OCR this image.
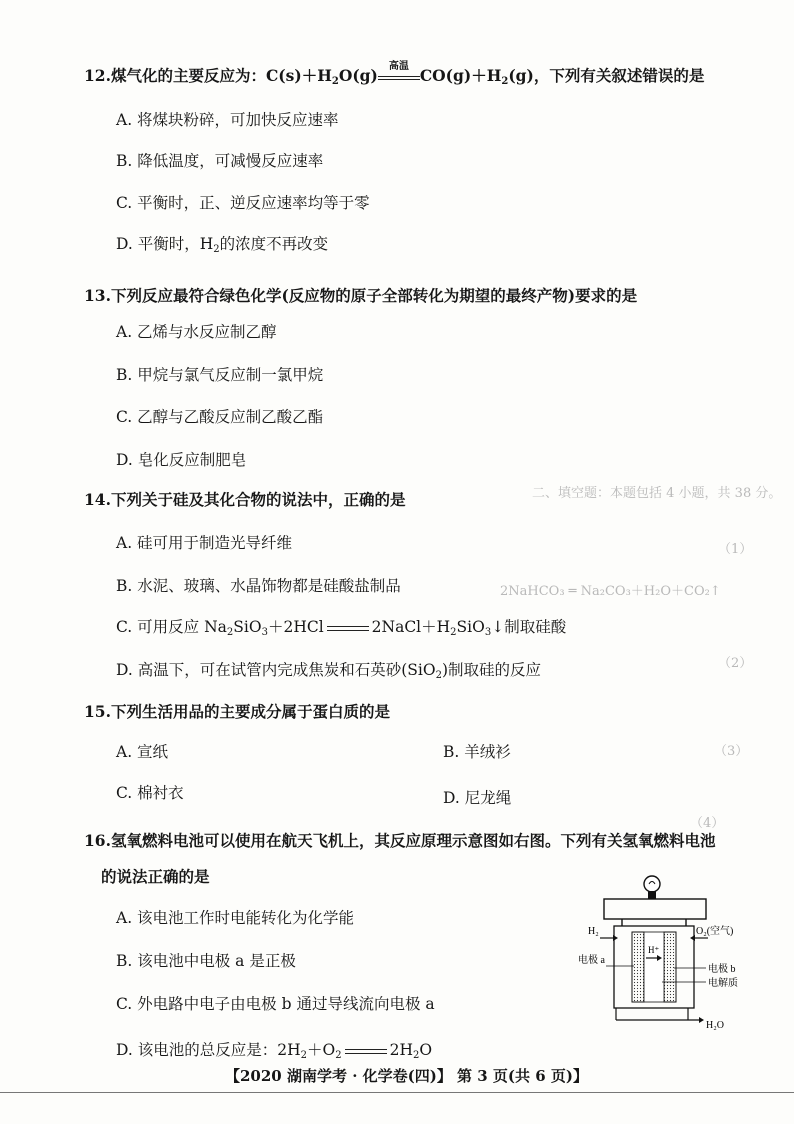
二、填空题：本题包括 4 小题，共 38 分。
（1）
2NaHCO₃ ═ Na₂CO₃＋H₂O＋CO₂↑
（2）
（3）
（4）
12.煤气化的主要反应为：$C(s)+H_2O(g)$	高温 $CO(g)+H_2(g)$，下列有关叙述错误的是
A. 将煤块粉碎，可加快反应速率
B. 降低温度，可减慢反应速率
C. 平衡时，正、逆反应速率均等于零
D. 平衡时，$H_2$的浓度不再改变
13.下列反应最符合绿色化学(反应物的原子全部转化为期望的最终产物)要求的是
A. 乙烯与水反应制乙醇
B. 甲烷与氯气反应制一氯甲烷
C. 乙醇与乙酸反应制乙酸乙酯
D. 皂化反应制肥皂
14.下列关于硅及其化合物的说法中，正确的是
A. 硅可用于制造光导纤维
B. 水泥、玻璃、水晶饰物都是硅酸盐制品
C. 可用反应 $Na_2SiO_3+2HCl$	$2NaCl+H_2SiO_3↓$制取硅酸
D. 高温下，可在试管内完成焦炭和石英砂(SiO$_2$)制取硅的反应
15.下列生活用品的主要成分属于蛋白质的是
A. 宣纸	B. 羊绒衫
C. 棉衬衣	D. 尼龙绳
16.氢氧燃料电池可以使用在航天飞机上，其反应原理示意图如右图。下列有关氢氧燃料电池
的说法正确的是
A. 该电池工作时电能转化为化学能
B. 该电池中电极 a 是正极
C. 外电路中电子由电极 b 通过导线流向电极 a
D. 该电池的总反应是：$2H_2+O_2$	$2H_2O$
H₂	O₂(空气)
电极 a
H⁺
电极 b
电解质
H₂O
【2020 湖南学考 · 化学卷(四)】 第 3 页(共 6 页)】
